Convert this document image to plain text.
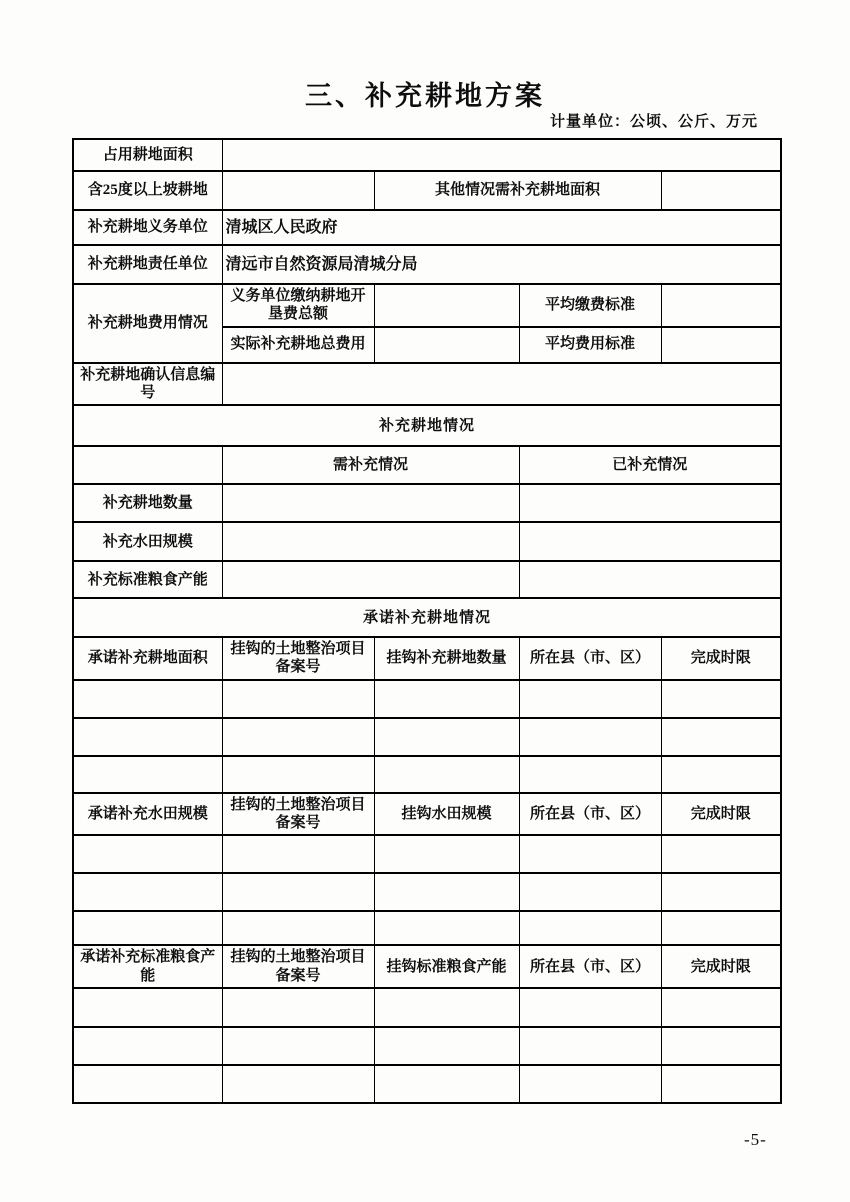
三、补充耕地方案
计量单位：公顷、公斤、万元
占用耕地面积				
含25度以上坡耕地		其他情况需补充耕地面积		
补充耕地义务单位	清城区人民政府			
补充耕地责任单位	清远市自然资源局清城分局			
补充耕地费用情况	义务单位缴纳耕地开垦费总额		平均缴费标准	
	实际补充耕地总费用		平均费用标准	
补充耕地确认信息编号				
补充耕地情况				
	需补充情况		已补充情况	
补充耕地数量				
补充水田规模				
补充标准粮食产能				
承诺补充耕地情况				
承诺补充耕地面积	挂钩的土地整治项目备案号	挂钩补充耕地数量	所在县（市、区）	完成时限

承诺补充水田规模	挂钩的土地整治项目备案号	挂钩水田规模	所在县（市、区）	完成时限

承诺补充标准粮食产能	挂钩的土地整治项目备案号	挂钩标准粮食产能	所在县（市、区）	完成时限

-5-
